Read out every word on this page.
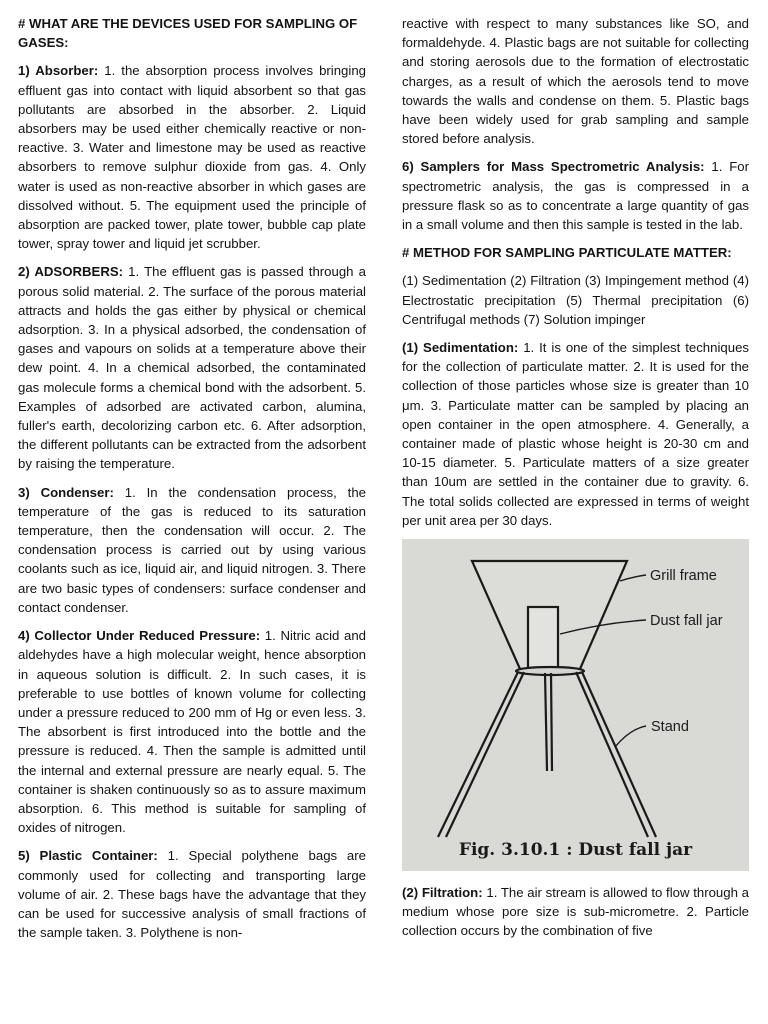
# WHAT ARE THE DEVICES USED FOR SAMPLING OF GASES:

1) Absorber: 1. the absorption process involves bringing effluent gas into contact with liquid absorbent so that gas pollutants are absorbed in the absorber. 2. Liquid absorbers may be used either chemically reactive or non-reactive. 3. Water and limestone may be used as reactive absorbers to remove sulphur dioxide from gas. 4. Only water is used as non-reactive absorber in which gases are dissolved without. 5. The equipment used the principle of absorption are packed tower, plate tower, bubble cap plate tower, spray tower and liquid jet scrubber.

2) ADSORBERS: 1. The effluent gas is passed through a porous solid material. 2. The surface of the porous material attracts and holds the gas either by physical or chemical adsorption. 3. In a physical adsorbed, the condensation of gases and vapours on solids at a temperature above their dew point. 4. In a chemical adsorbed, the contaminated gas molecule forms a chemical bond with the adsorbent. 5. Examples of adsorbed are activated carbon, alumina, fuller's earth, decolorizing carbon etc. 6. After adsorption, the different pollutants can be extracted from the adsorbent by raising the temperature.

3) Condenser: 1. In the condensation process, the temperature of the gas is reduced to its saturation temperature, then the condensation will occur. 2. The condensation process is carried out by using various coolants such as ice, liquid air, and liquid nitrogen. 3. There are two basic types of condensers: surface condenser and contact condenser.

4) Collector Under Reduced Pressure: 1. Nitric acid and aldehydes have a high molecular weight, hence absorption in aqueous solution is difficult. 2. In such cases, it is preferable to use bottles of known volume for collecting under a pressure reduced to 200 mm of Hg or even less. 3. The absorbent is first introduced into the bottle and the pressure is reduced. 4. Then the sample is admitted until the internal and external pressure are nearly equal. 5. The container is shaken continuously so as to assure maximum absorption. 6. This method is suitable for sampling of oxides of nitrogen.

5) Plastic Container: 1. Special polythene bags are commonly used for collecting and transporting large volume of air. 2. These bags have the advantage that they can be used for successive analysis of small fractions of the sample taken. 3. Polythene is non-

reactive with respect to many substances like SO, and formaldehyde. 4. Plastic bags are not suitable for collecting and storing aerosols due to the formation of electrostatic charges, as a result of which the aerosols tend to move towards the walls and condense on them. 5. Plastic bags have been widely used for grab sampling and sample stored before analysis.

6) Samplers for Mass Spectrometric Analysis: 1. For spectrometric analysis, the gas is compressed in a pressure flask so as to concentrate a large quantity of gas in a small volume and then this sample is tested in the lab.

# METHOD FOR SAMPLING PARTICULATE MATTER:

(1) Sedimentation (2) Filtration (3) Impingement method (4) Electrostatic precipitation (5) Thermal precipitation (6) Centrifugal methods (7) Solution impinger

(1) Sedimentation: 1. It is one of the simplest techniques for the collection of particulate matter. 2. It is used for the collection of those particles whose size is greater than 10 μm. 3. Particulate matter can be sampled by placing an open container in the open atmosphere. 4. Generally, a container made of plastic whose height is 20-30 cm and 10-15 diameter. 5. Particulate matters of a size greater than 10um are settled in the container due to gravity. 6. The total solids collected are expressed in terms of weight per unit area per 30 days.

Grill frame
Dust fall jar
Stand
Fig. 3.10.1 : Dust fall jar

(2) Filtration: 1. The air stream is allowed to flow through a medium whose pore size is sub-micrometre. 2. Particle collection occurs by the combination of five
